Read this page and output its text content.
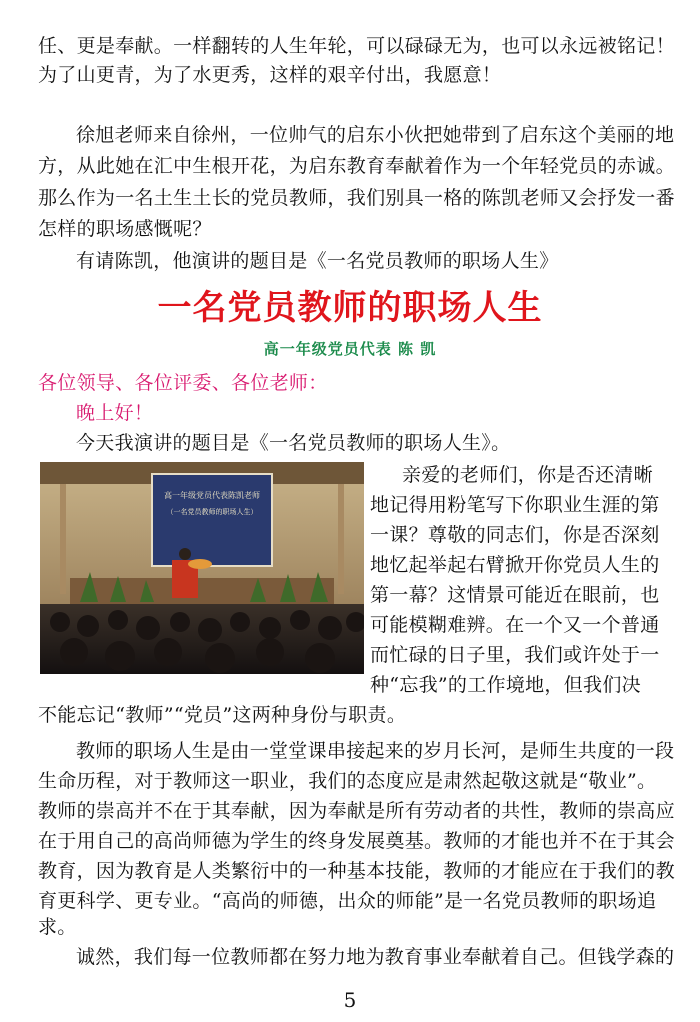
任、更是奉献。一样翻转的人生年轮，可以碌碌无为，也可以永远被铭记！
为了山更青，为了水更秀，这样的艰辛付出，我愿意！
徐旭老师来自徐州，一位帅气的启东小伙把她带到了启东这个美丽的地
方，从此她在汇中生根开花，为启东教育奉献着作为一个年轻党员的赤诚。
那么作为一名土生土长的党员教师，我们别具一格的陈凯老师又会抒发一番
怎样的职场感慨呢？
有请陈凯，他演讲的题目是《一名党员教师的职场人生》
一名党员教师的职场人生
高一年级党员代表 陈 凯
各位领导、各位评委、各位老师：
晚上好！
今天我演讲的题目是《一名党员教师的职场人生》。
高一年级党员代表陈凯老师
（一名党员教师的职场人生）
亲爱的老师们，你是否还清晰
地记得用粉笔写下你职业生涯的第
一课？尊敬的同志们，你是否深刻
地忆起举起右臂掀开你党员人生的
第一幕？这情景可能近在眼前，也
可能模糊难辨。在一个又一个普通
而忙碌的日子里，我们或许处于一
种“忘我”的工作境地，但我们决
不能忘记“教师”“党员”这两种身份与职责。
教师的职场人生是由一堂堂课串接起来的岁月长河，是师生共度的一段
生命历程，对于教师这一职业，我们的态度应是肃然起敬这就是“敬业”。
教师的崇高并不在于其奉献，因为奉献是所有劳动者的共性，教师的崇高应
在于用自己的高尚师德为学生的终身发展奠基。教师的才能也并不在于其会
教育，因为教育是人类繁衍中的一种基本技能，教师的才能应在于我们的教
育更科学、更专业。“高尚的师德，出众的师能”是一名党员教师的职场追
求。
诚然，我们每一位教师都在努力地为教育事业奉献着自己。但钱学森的
5
